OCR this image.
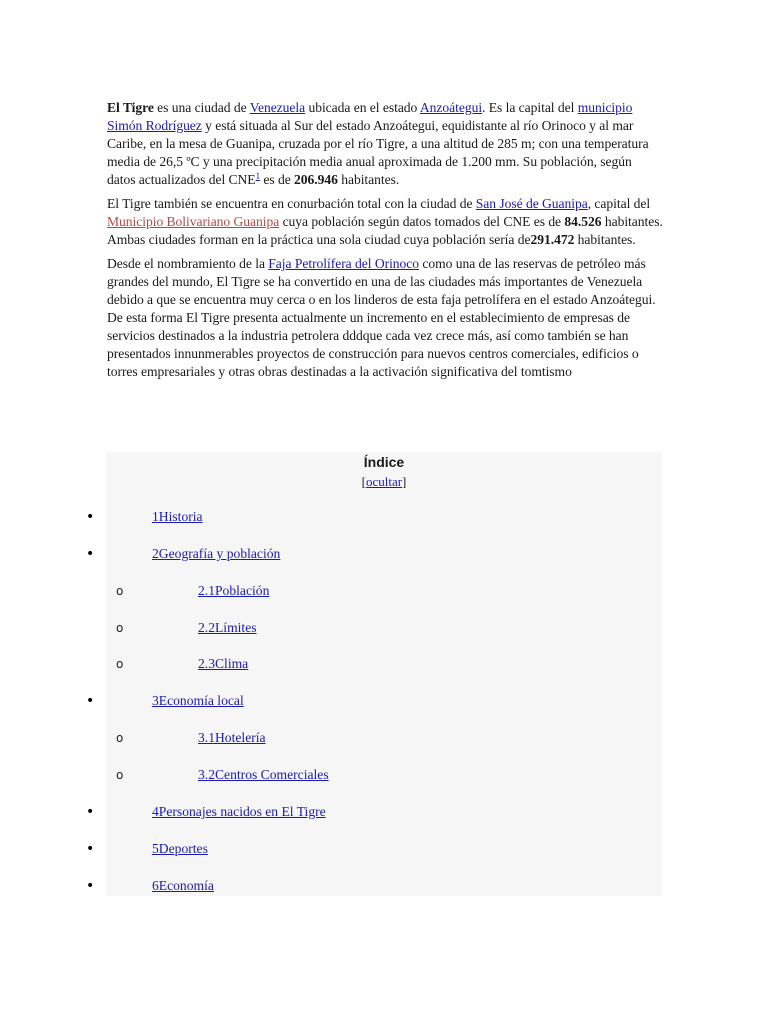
El Tigre es una ciudad de Venezuela ubicada en el estado Anzoátegui. Es la capital del municipio Simón Rodríguez y está situada al Sur del estado Anzoátegui, equidistante al río Orinoco y al mar Caribe, en la mesa de Guanipa, cruzada por el río Tigre, a una altitud de 285 m; con una temperatura media de 26,5 ºC y una precipitación media anual aproximada de 1.200 mm. Su población, según datos actualizados del CNE$^1$ es de 206.946 habitantes.

El Tigre también se encuentra en conurbación total con la ciudad de San José de Guanipa, capital del Municipio Bolivariano Guanipa cuya población según datos tomados del CNE es de 84.526 habitantes. Ambas ciudades forman en la práctica una sola ciudad cuya población sería de291.472 habitantes.

Desde el nombramiento de la Faja Petrolífera del Orinoco como una de las reservas de petróleo más grandes del mundo, El Tigre se ha convertido en una de las ciudades más importantes de Venezuela debido a que se encuentra muy cerca o en los linderos de esta faja petrolífera en el estado Anzoátegui. De esta forma El Tigre presenta actualmente un incremento en el establecimiento de empresas de servicios destinados a la industria petrolera dddque cada vez crece más, así como también se han presentados innunmerables proyectos de construcción para nuevos centros comerciales, edificios o torres empresariales y otras obras destinadas a la activación significativa del tomtismo

Índice
[ocultar]
•	1Historia
•	2Geografía y población
o	2.1Población
o	2.2Límites
o	2.3Clima
•	3Economía local
o	3.1Hotelería
o	3.2Centros Comerciales
•	4Personajes nacidos en El Tigre
•	5Deportes
•	6Economía
